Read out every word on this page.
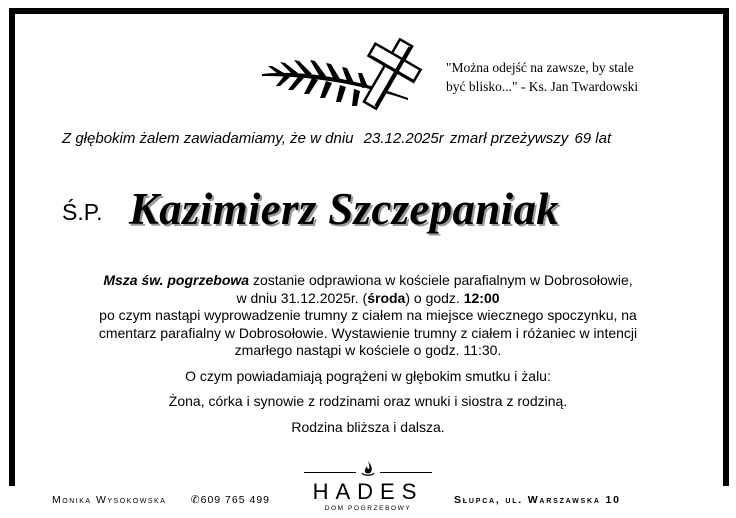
"Można odejść na zawsze, by stale
być blisko..." - Ks. Jan Twardowski
Z głębokim żalem zawiadamiamy, że w dniu 23.12.2025r zmarł przeżywszy 69 lat
Ś.P. Kazimierz Szczepaniak
Msza św. pogrzebowa zostanie odprawiona w kościele parafialnym w Dobrosołowie,
w dniu 31.12.2025r. (środa) o godz. 12:00
po czym nastąpi wyprowadzenie trumny z ciałem na miejsce wiecznego spoczynku, na
cmentarz parafialny w Dobrosołowie. Wystawienie trumny z ciałem i różaniec w intencji
zmarłego nastąpi w kościele o godz. 11:30.
O czym powiadamiają pogrążeni w głębokim smutku i żalu:
Żona, córka i synowie z rodzinami oraz wnuki i siostra z rodziną.
Rodzina bliższa i dalsza.
Monika Wysokowska ✆609 765 499	Słupca, ul. Warszawska 10
HADES
DOM POGRZEBOWY
